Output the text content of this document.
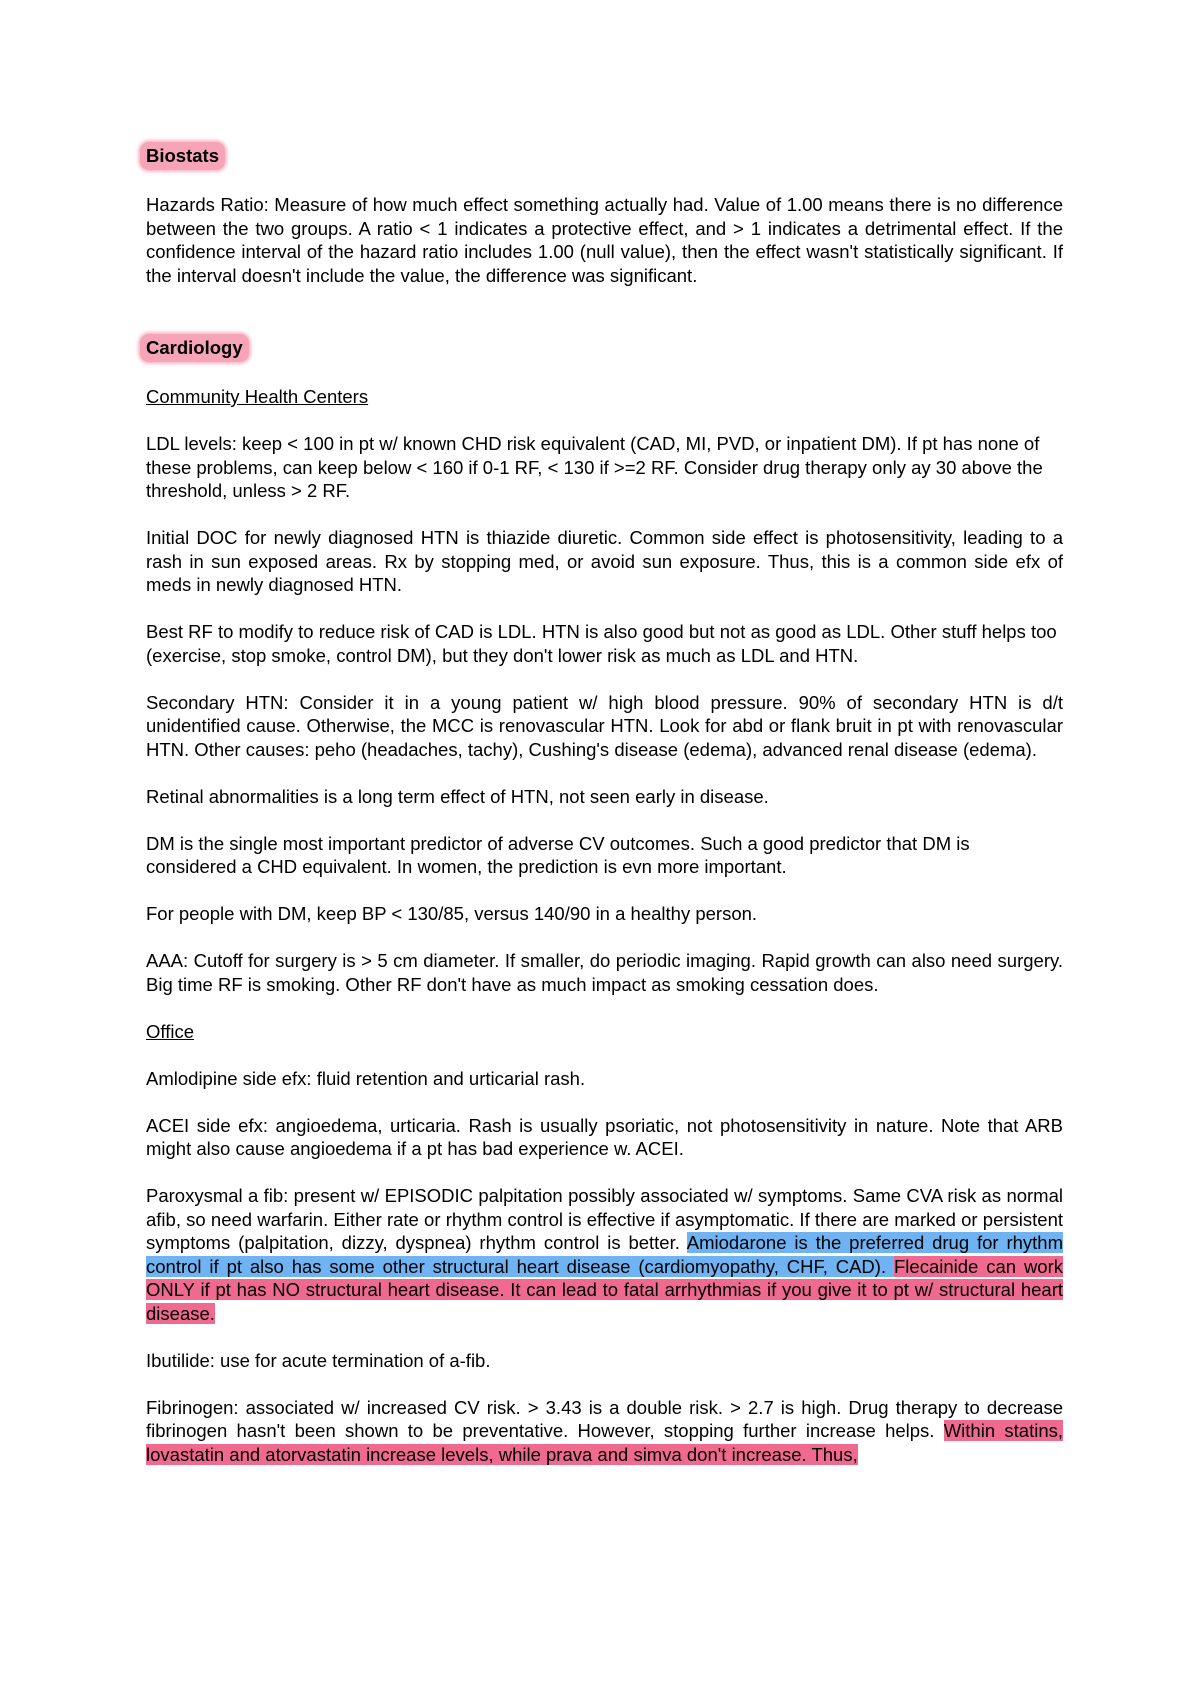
Biostats

Hazards Ratio: Measure of how much effect something actually had. Value of 1.00 means there is no difference between the two groups. A ratio < 1 indicates a protective effect, and > 1 indicates a detrimental effect. If the confidence interval of the hazard ratio includes 1.00 (null value), then the effect wasn't statistically significant. If the interval doesn't include the value, the difference was significant.

Cardiology

Community Health Centers

LDL levels: keep < 100 in pt w/ known CHD risk equivalent (CAD, MI, PVD, or inpatient DM). If pt has none of these problems, can keep below < 160 if 0-1 RF, < 130 if >=2 RF. Consider drug therapy only ay 30 above the threshold, unless > 2 RF.

Initial DOC for newly diagnosed HTN is thiazide diuretic. Common side effect is photosensitivity, leading to a rash in sun exposed areas. Rx by stopping med, or avoid sun exposure. Thus, this is a common side efx of meds in newly diagnosed HTN.

Best RF to modify to reduce risk of CAD is LDL. HTN is also good but not as good as LDL. Other stuff helps too (exercise, stop smoke, control DM), but they don't lower risk as much as LDL and HTN.

Secondary HTN: Consider it in a young patient w/ high blood pressure. 90% of secondary HTN is d/t unidentified cause. Otherwise, the MCC is renovascular HTN. Look for abd or flank bruit in pt with renovascular HTN. Other causes: peho (headaches, tachy), Cushing's disease (edema), advanced renal disease (edema).

Retinal abnormalities is a long term effect of HTN, not seen early in disease.

DM is the single most important predictor of adverse CV outcomes. Such a good predictor that DM is considered a CHD equivalent. In women, the prediction is evn more important.

For people with DM, keep BP < 130/85, versus 140/90 in a healthy person.

AAA: Cutoff for surgery is > 5 cm diameter. If smaller, do periodic imaging. Rapid growth can also need surgery. Big time RF is smoking. Other RF don't have as much impact as smoking cessation does.

Office

Amlodipine side efx: fluid retention and urticarial rash.

ACEI side efx: angioedema, urticaria. Rash is usually psoriatic, not photosensitivity in nature. Note that ARB might also cause angioedema if a pt has bad experience w. ACEI.

Paroxysmal a fib: present w/ EPISODIC palpitation possibly associated w/ symptoms. Same CVA risk as normal afib, so need warfarin. Either rate or rhythm control is effective if asymptomatic. If there are marked or persistent symptoms (palpitation, dizzy, dyspnea) rhythm control is better. Amiodarone is the preferred drug for rhythm control if pt also has some other structural heart disease (cardiomyopathy, CHF, CAD). Flecainide can work ONLY if pt has NO structural heart disease. It can lead to fatal arrhythmias if you give it to pt w/ structural heart disease.

Ibutilide: use for acute termination of a-fib.

Fibrinogen: associated w/ increased CV risk. > 3.43 is a double risk. > 2.7 is high. Drug therapy to decrease fibrinogen hasn't been shown to be preventative. However, stopping further increase helps. Within statins, lovastatin and atorvastatin increase levels, while prava and simva don't increase. Thus,
